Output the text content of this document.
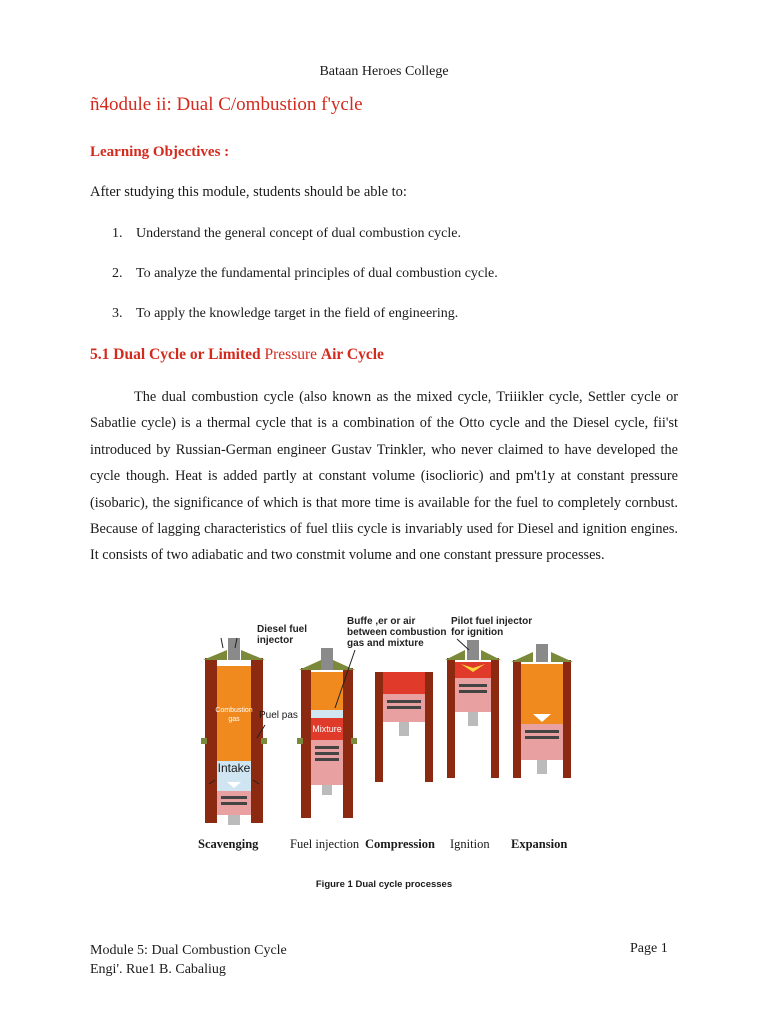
Bataan Heroes College
ñ4odule ii: Dual C/ombustion f'ycle
Learning Objectives :
After studying this module, students should be able to:
1. Understand the general concept of dual combustion cycle.
2. To analyze the fundamental principles of dual combustion cycle.
3. To apply the knowledge target in the field of engineering.
5.1 Dual Cycle or Limited Pressure Air Cycle

The dual combustion cycle (also known as the mixed cycle, Triiikler cycle, Settler cycle or Sabatlie cycle) is a thermal cycle that is a combination of the Otto cycle and the Diesel cycle, fii'st introduced by Russian-German engineer Gustav Trinkler, who never claimed to have developed the cycle though. Heat is added partly at constant volume (isoclioric) and pm't1y at constant pressure (isobaric), the significance of which is that more time is available for the fuel to completely cornbust. Because of lagging characteristics of fuel tliis cycle is invariably used for Diesel and ignition engines. It consists of two adiabatic and two constmit volume and one constant pressure processes.

Combustion
gas
Intake
Diesel fuel
injector
Puel pas
Mixture
Buffe ,er or air
between combustion
gas and mixture
Pilot fuel injector
for ignition
Scavenging	Fuel injection Compression Ignition Expansion
Figure 1 Dual cycle processes
Module 5: Dual Combustion Cycle
Engi'. Rue1 B. Cabaliug
Page 1
